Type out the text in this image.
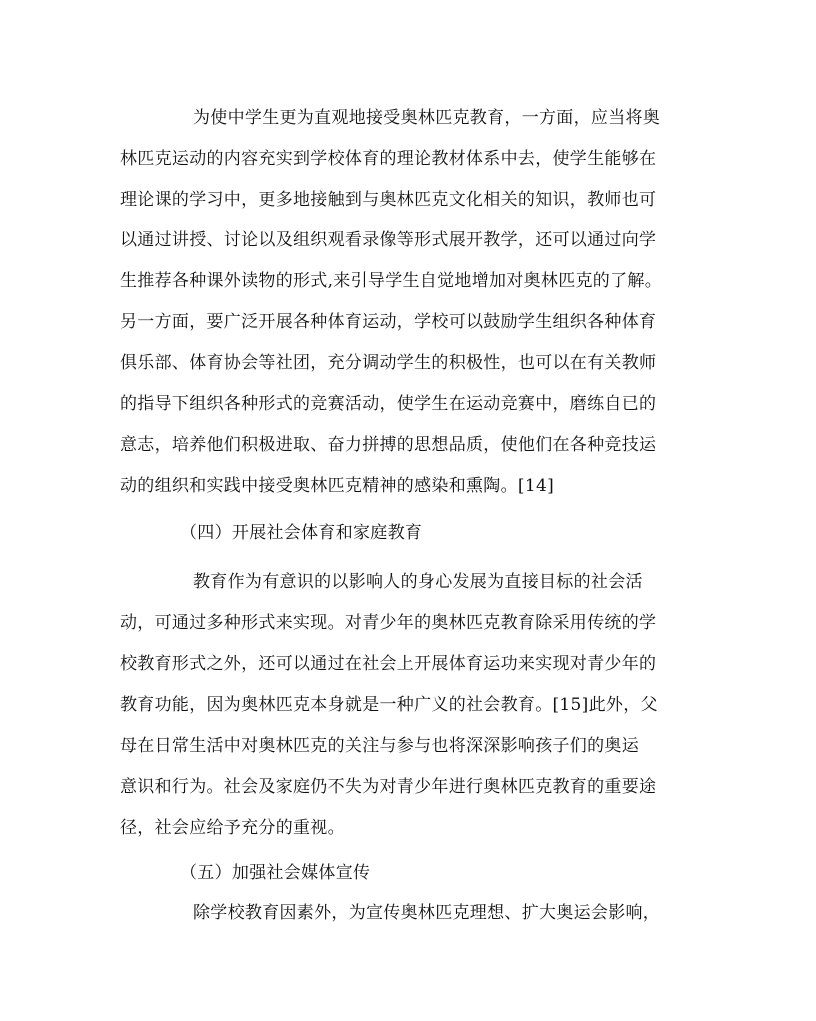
为使中学生更为直观地接受奥林匹克教育，一方面，应当将奥
林匹克运动的内容充实到学校体育的理论教材体系中去，使学生能够在
理论课的学习中，更多地接触到与奥林匹克文化相关的知识，教师也可
以通过讲授、讨论以及组织观看录像等形式展开教学，还可以通过向学
生推荐各种课外读物的形式,来引导学生自觉地增加对奥林匹克的了解。
另一方面，要广泛开展各种体育运动，学校可以鼓励学生组织各种体育
俱乐部、体育协会等社团，充分调动学生的积极性，也可以在有关教师
的指导下组织各种形式的竞赛活动，使学生在运动竞赛中，磨练自已的
意志，培养他们积极进取、奋力拼搏的思想品质，使他们在各种竞技运
动的组织和实践中接受奥林匹克精神的感染和熏陶。[14]
（四）开展社会体育和家庭教育
教育作为有意识的以影响人的身心发展为直接目标的社会活
动，可通过多种形式来实现。对青少年的奥林匹克教育除采用传统的学
校教育形式之外，还可以通过在社会上开展体育运功来实现对青少年的
教育功能，因为奥林匹克本身就是一种广义的社会教育。[15]此外，父
母在日常生活中对奥林匹克的关注与参与也将深深影响孩子们的奥运
意识和行为。社会及家庭仍不失为对青少年进行奥林匹克教育的重要途
径，社会应给予充分的重视。
（五）加强社会媒体宣传
除学校教育因素外，为宣传奥林匹克理想、扩大奥运会影响，
